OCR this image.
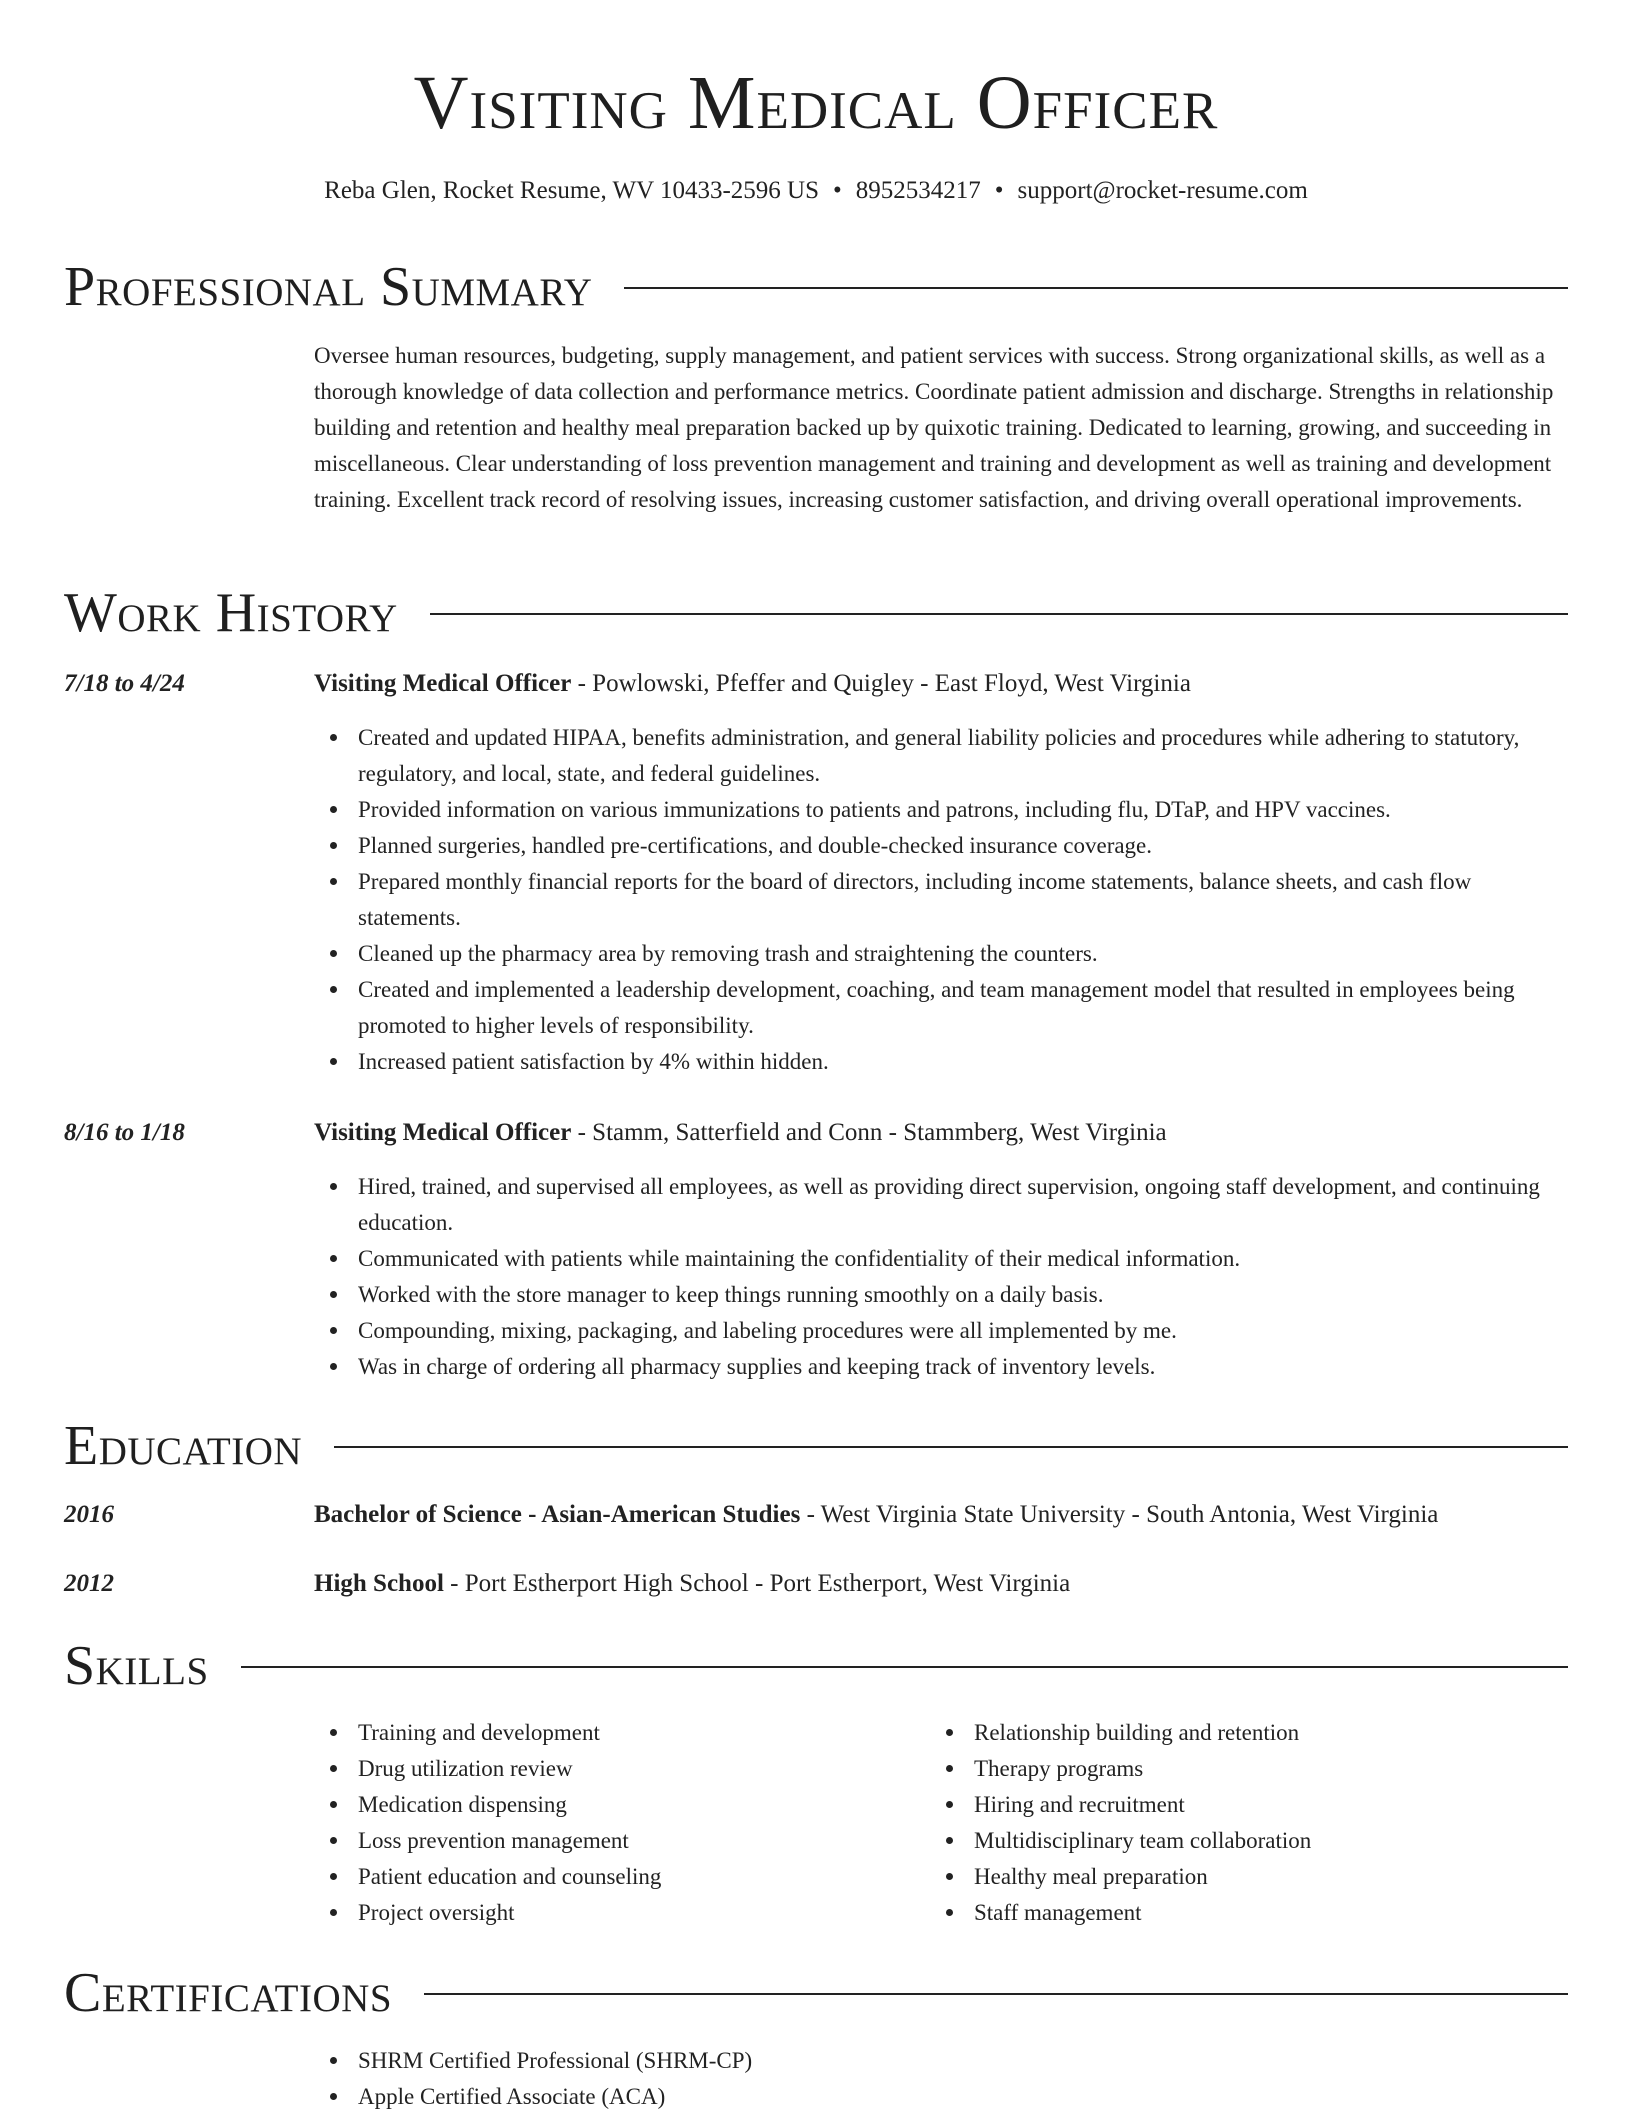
Visiting Medical Officer
Reba Glen, Rocket Resume, WV 10433-2596 US • 8952534217 • support@rocket-resume.com
Professional Summary
Oversee human resources, budgeting, supply management, and patient services with success. Strong organizational skills, as well as a thorough knowledge of data collection and performance metrics. Coordinate patient admission and discharge. Strengths in relationship building and retention and healthy meal preparation backed up by quixotic training. Dedicated to learning, growing, and succeeding in miscellaneous. Clear understanding of loss prevention management and training and development as well as training and development training. Excellent track record of resolving issues, increasing customer satisfaction, and driving overall operational improvements.
Work History
7/18 to 4/24	Visiting Medical Officer - Powlowski, Pfeffer and Quigley - East Floyd, West Virginia
Created and updated HIPAA, benefits administration, and general liability policies and procedures while adhering to statutory, regulatory, and local, state, and federal guidelines.
Provided information on various immunizations to patients and patrons, including flu, DTaP, and HPV vaccines.
Planned surgeries, handled pre-certifications, and double-checked insurance coverage.
Prepared monthly financial reports for the board of directors, including income statements, balance sheets, and cash flow statements.
Cleaned up the pharmacy area by removing trash and straightening the counters.
Created and implemented a leadership development, coaching, and team management model that resulted in employees being promoted to higher levels of responsibility.
Increased patient satisfaction by 4% within hidden.
8/16 to 1/18	Visiting Medical Officer - Stamm, Satterfield and Conn - Stammberg, West Virginia
Hired, trained, and supervised all employees, as well as providing direct supervision, ongoing staff development, and continuing education.
Communicated with patients while maintaining the confidentiality of their medical information.
Worked with the store manager to keep things running smoothly on a daily basis.
Compounding, mixing, packaging, and labeling procedures were all implemented by me.
Was in charge of ordering all pharmacy supplies and keeping track of inventory levels.
Education
2016	Bachelor of Science - Asian-American Studies - West Virginia State University - South Antonia, West Virginia
2012	High School - Port Estherport High School - Port Estherport, West Virginia
Skills
Training and development
Drug utilization review
Medication dispensing
Loss prevention management
Patient education and counseling
Project oversight
Relationship building and retention
Therapy programs
Hiring and recruitment
Multidisciplinary team collaboration
Healthy meal preparation
Staff management
Certifications
SHRM Certified Professional (SHRM-CP)
Apple Certified Associate (ACA)
